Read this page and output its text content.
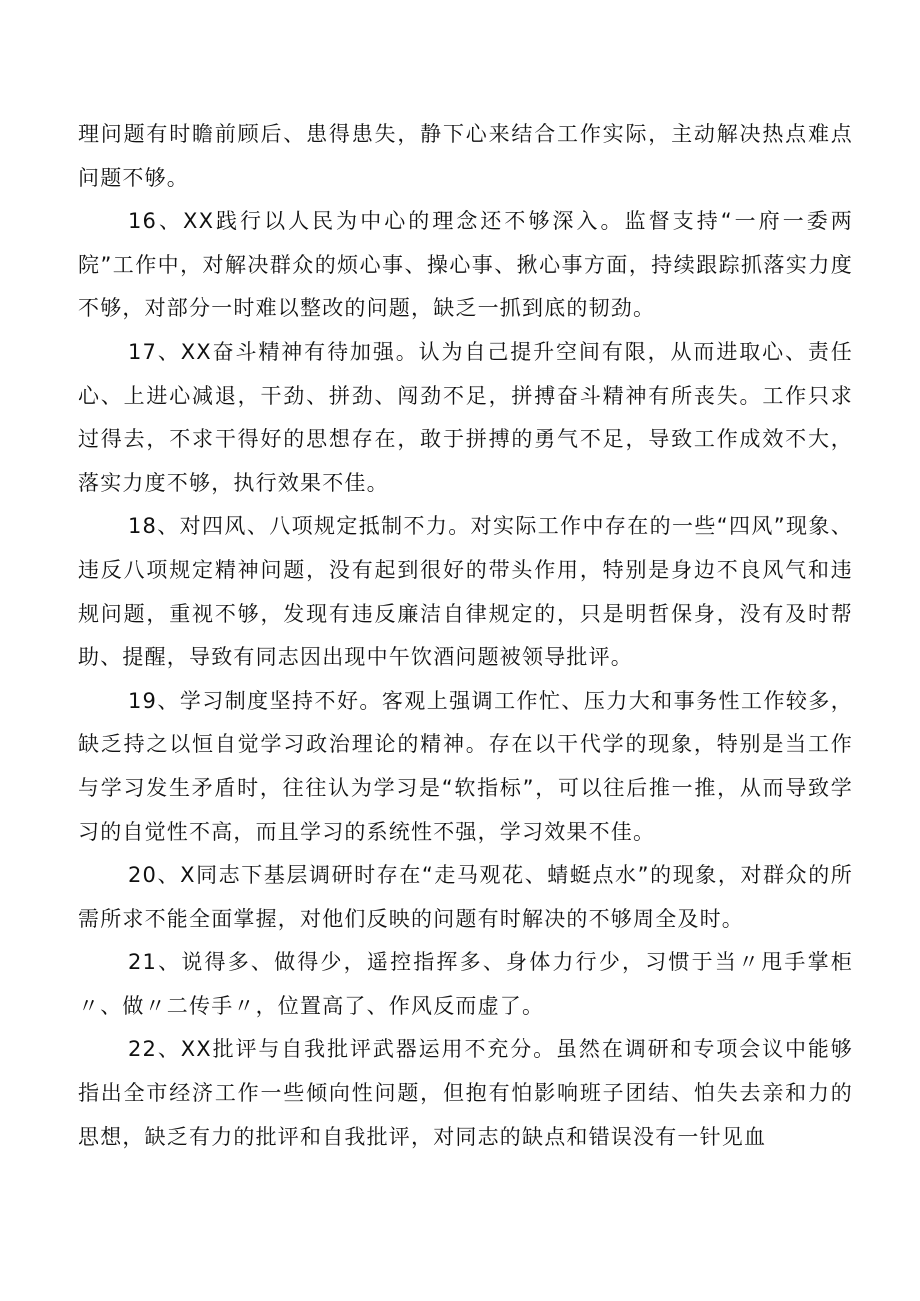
理问题有时瞻前顾后、患得患失，静下心来结合工作实际，主动解决热点难点问题不够。

16、XX践行以人民为中心的理念还不够深入。监督支持“一府一委两院”工作中，对解决群众的烦心事、操心事、揪心事方面，持续跟踪抓落实力度不够，对部分一时难以整改的问题，缺乏一抓到底的韧劲。

17、XX奋斗精神有待加强。认为自己提升空间有限，从而进取心、责任心、上进心减退，干劲、拼劲、闯劲不足，拼搏奋斗精神有所丧失。工作只求过得去，不求干得好的思想存在，敢于拼搏的勇气不足，导致工作成效不大，落实力度不够，执行效果不佳。

18、对四风、八项规定抵制不力。对实际工作中存在的一些“四风”现象、违反八项规定精神问题，没有起到很好的带头作用，特别是身边不良风气和违规问题，重视不够，发现有违反廉洁自律规定的，只是明哲保身，没有及时帮助、提醒，导致有同志因出现中午饮酒问题被领导批评。

19、学习制度坚持不好。客观上强调工作忙、压力大和事务性工作较多，缺乏持之以恒自觉学习政治理论的精神。存在以干代学的现象，特别是当工作与学习发生矛盾时，往往认为学习是“软指标”，可以往后推一推，从而导致学习的自觉性不高，而且学习的系统性不强，学习效果不佳。

20、X同志下基层调研时存在“走马观花、蜻蜓点水”的现象，对群众的所需所求不能全面掌握，对他们反映的问题有时解决的不够周全及时。

21、说得多、做得少，遥控指挥多、身体力行少，习惯于当〃甩手掌柜〃、做〃二传手〃，位置高了、作风反而虚了。

22、XX批评与自我批评武器运用不充分。虽然在调研和专项会议中能够指出全市经济工作一些倾向性问题，但抱有怕影响班子团结、怕失去亲和力的思想，缺乏有力的批评和自我批评，对同志的缺点和错误没有一针见血
